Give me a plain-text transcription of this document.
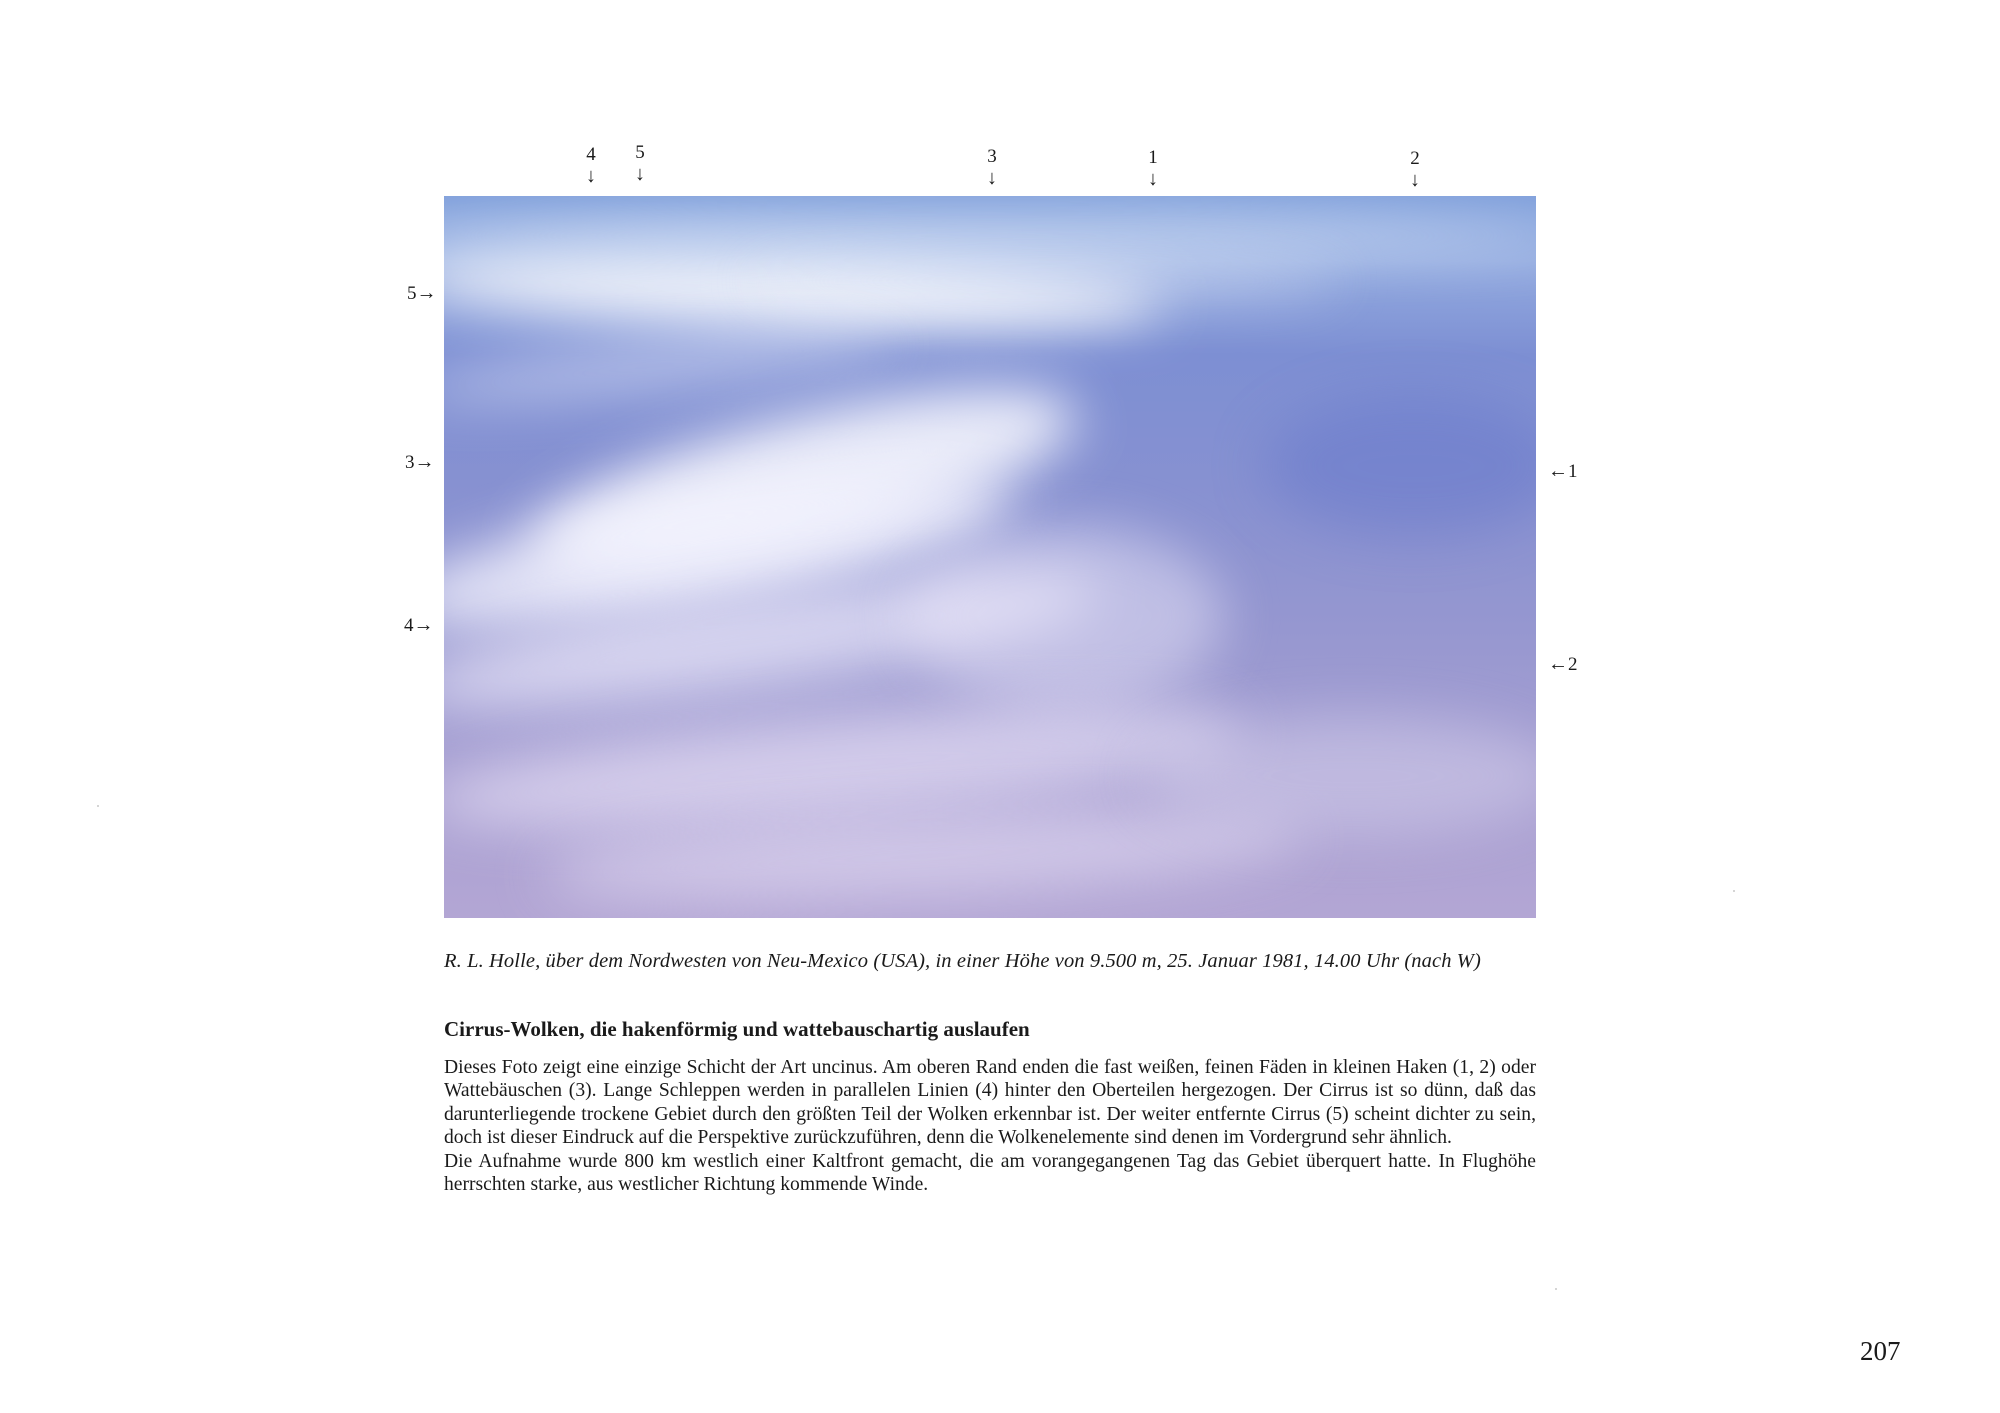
4
↓
5
↓
3
↓
1
↓
2
↓
5→
3→
4→
←1
←2
R. L. Holle, über dem Nordwesten von Neu-Mexico (USA), in einer Höhe von 9.500 m, 25. Januar 1981, 14.00 Uhr (nach W)
Cirrus-Wolken, die hakenförmig und wattebauschartig auslaufen

Dieses Foto zeigt eine einzige Schicht der Art uncinus. Am oberen Rand enden die fast weißen, feinen Fäden in kleinen Haken (1, 2) oder Wattebäuschen (3). Lange Schleppen werden in parallelen Linien (4) hinter den Oberteilen hergezogen. Der Cirrus ist so dünn, daß das darunterliegende trockene Gebiet durch den größten Teil der Wolken erkennbar ist. Der weiter entfernte Cirrus (5) scheint dichter zu sein, doch ist dieser Eindruck auf die Perspektive zurückzuführen, denn die Wolkenelemente sind denen im Vordergrund sehr ähnlich.

Die Aufnahme wurde 800 km westlich einer Kaltfront gemacht, die am vorangegangenen Tag das Gebiet überquert hatte. In Flughöhe herrschten starke, aus westlicher Richtung kommende Winde.

207
